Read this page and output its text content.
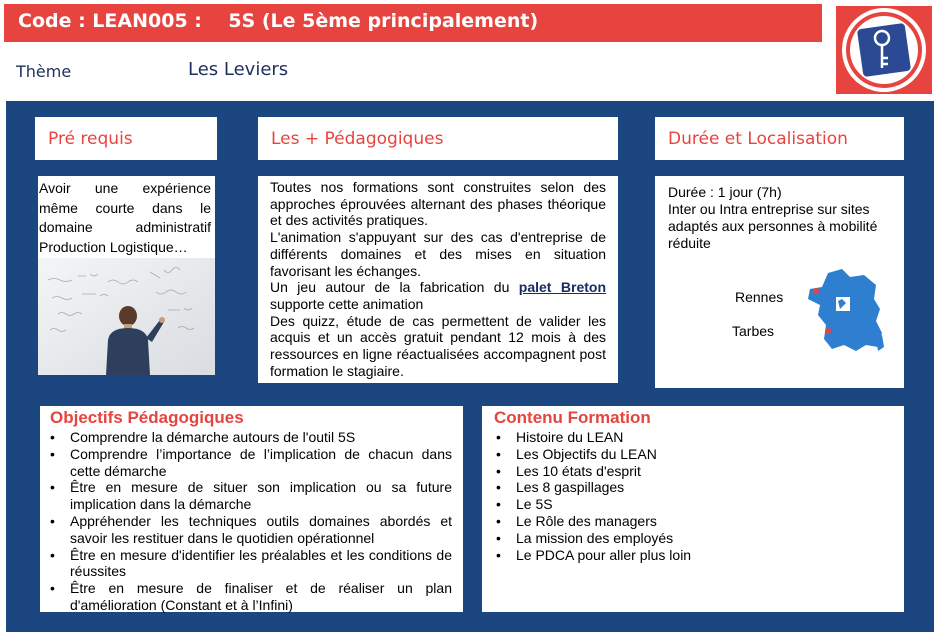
Code : LEAN005 :    5S (Le 5ème principalement)
Thème	Les Leviers
Pré requis
Avoir une expérience même courte dans le domaine administratif Production Logistique…
Les + Pédagogiques

Toutes nos formations sont construites selon des approches éprouvées alternant des phases théorique et des activités pratiques.

L'animation s'appuyant sur des cas d'entreprise de différents domaines et des mises en situation favorisant les échanges.

Un jeu autour de la fabrication du palet Breton supporte cette animation

Des quizz, étude de cas permettent de valider les acquis et un accès gratuit pendant 12 mois à des ressources en ligne réactualisées accompagnent post formation le stagiaire.

Durée et Localisation
Durée : 1 jour (7h)
Inter ou Intra entreprise sur sites adaptés aux personnes à mobilité réduite
Rennes
Tarbes
Objectifs Pédagogiques
• Comprendre la démarche autours de l'outil 5S
• Comprendre l’importance de l’implication de chacun dans cette démarche
• Être en mesure de situer son implication ou sa future implication dans la démarche
• Appréhender les techniques outils domaines abordés et savoir les restituer dans le quotidien opérationnel
• Être en mesure d'identifier les préalables et les conditions de réussites
• Être en mesure de finaliser et de réaliser un plan d'amélioration (Constant et à l’Infini)
Contenu Formation
• Histoire du LEAN
• Les Objectifs du LEAN
• Les 10 états d'esprit
• Les 8 gaspillages
• Le 5S
• Le Rôle des managers
• La mission des employés
• Le PDCA pour aller plus loin
